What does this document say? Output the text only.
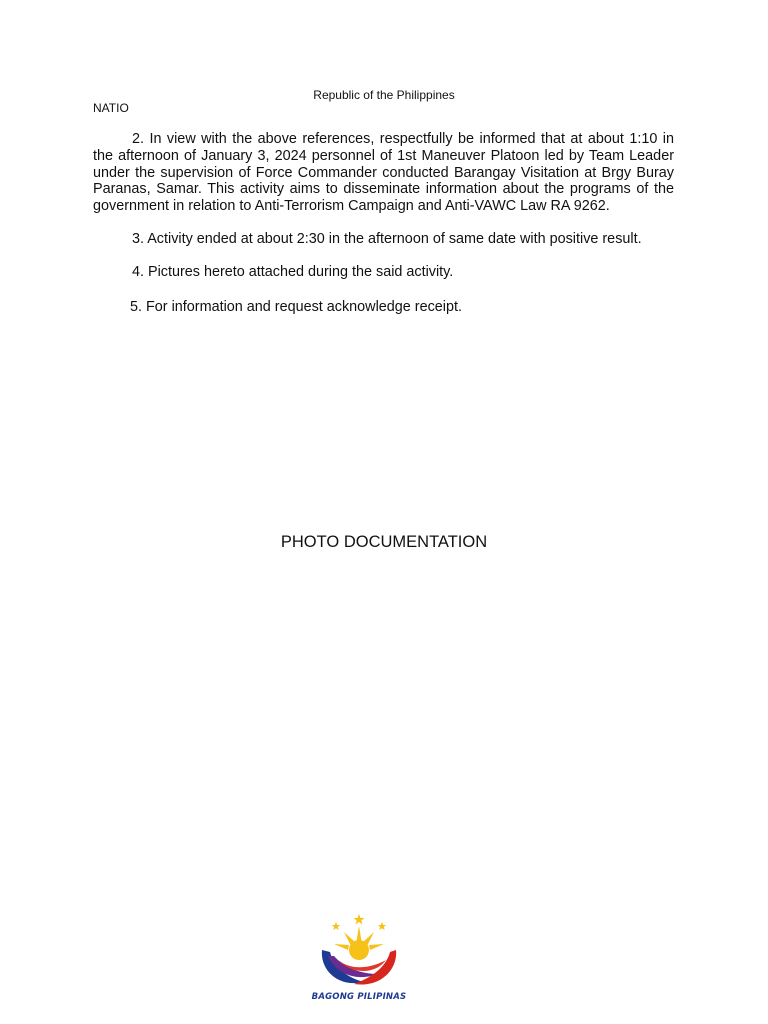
Republic of the Philippines
NATIO

2. In view with the above references, respectfully be informed that at about 1:10 in the afternoon of January 3, 2024 personnel of 1st Maneuver Platoon led by Team Leader under the supervision of Force Commander conducted Barangay Visitation at Brgy Buray Paranas, Samar. This activity aims to disseminate information about the programs of the government in relation to Anti-Terrorism Campaign and Anti-VAWC Law RA 9262.

3. Activity ended at about 2:30 in the afternoon of same date with positive result.

4. Pictures hereto attached during the said activity.

5. For information and request acknowledge receipt.

PHOTO DOCUMENTATION
BAGONG PILIPINAS
